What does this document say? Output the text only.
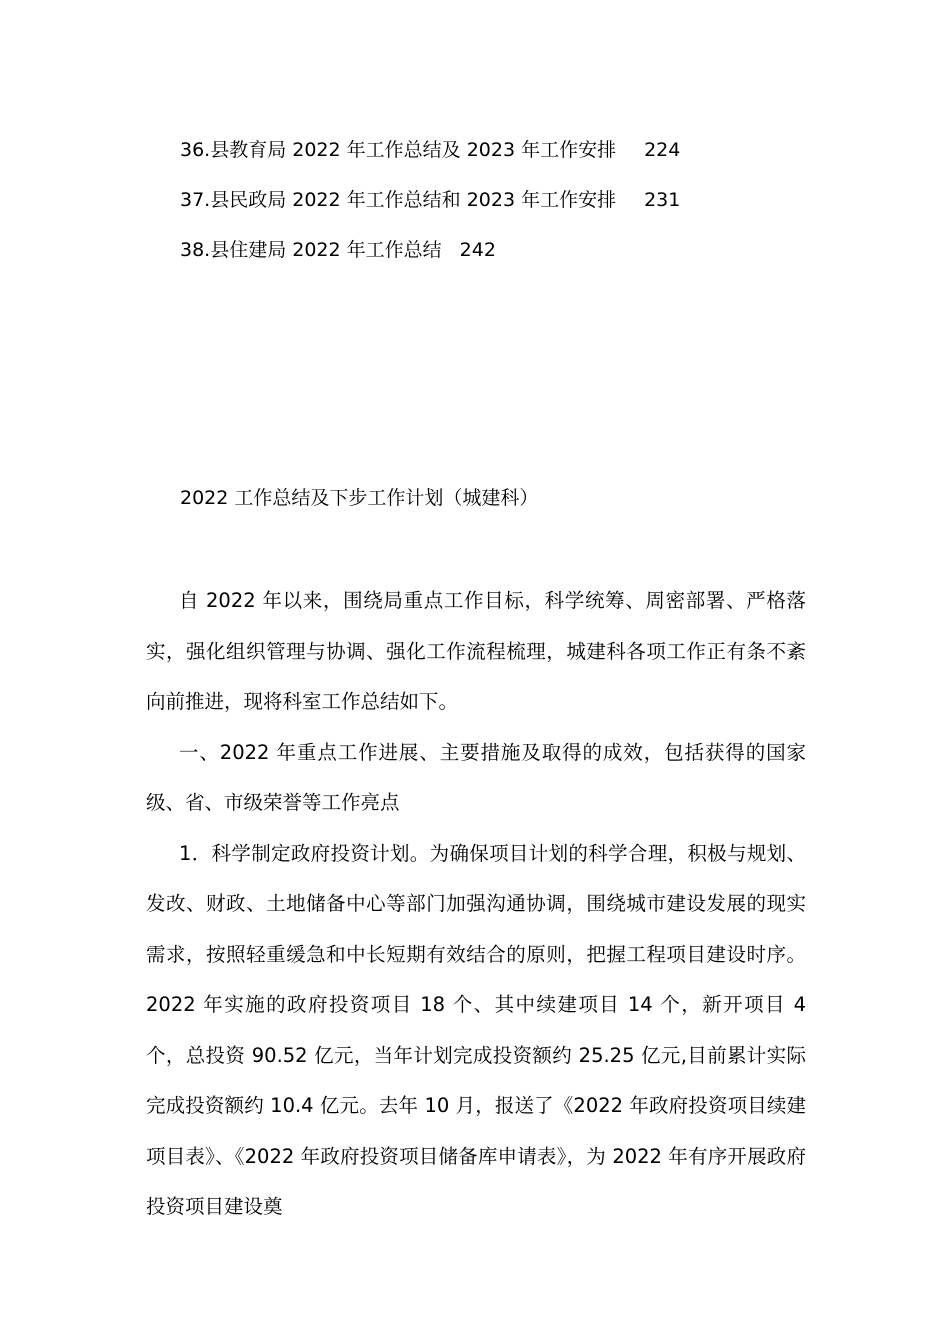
36.县教育局 2022 年工作总结及 2023 年工作安排 224
37.县民政局 2022 年工作总结和 2023 年工作安排 231
38.县住建局 2022 年工作总结 242
2022 工作总结及下步工作计划（城建科）

自 2022 年以来，围绕局重点工作目标，科学统筹、周密部署、严格落实，强化组织管理与协调、强化工作流程梳理，城建科各项工作正有条不紊向前推进，现将科室工作总结如下。

一、2022 年重点工作进展、主要措施及取得的成效，包括获得的国家级、省、市级荣誉等工作亮点

1．科学制定政府投资计划。为确保项目计划的科学合理，积极与规划、发改、财政、土地储备中心等部门加强沟通协调，围绕城市建设发展的现实需求，按照轻重缓急和中长短期有效结合的原则，把握工程项目建设时序。2022 年实施的政府投资项目 18 个、其中续建项目 14 个，新开项目 4 个，总投资 90.52 亿元，当年计划完成投资额约 25.25 亿元,目前累计实际完成投资额约 10.4 亿元。去年 10 月，报送了《2022 年政府投资项目续建项目表》、《2022 年政府投资项目储备库申请表》，为 2022 年有序开展政府投资项目建设奠
